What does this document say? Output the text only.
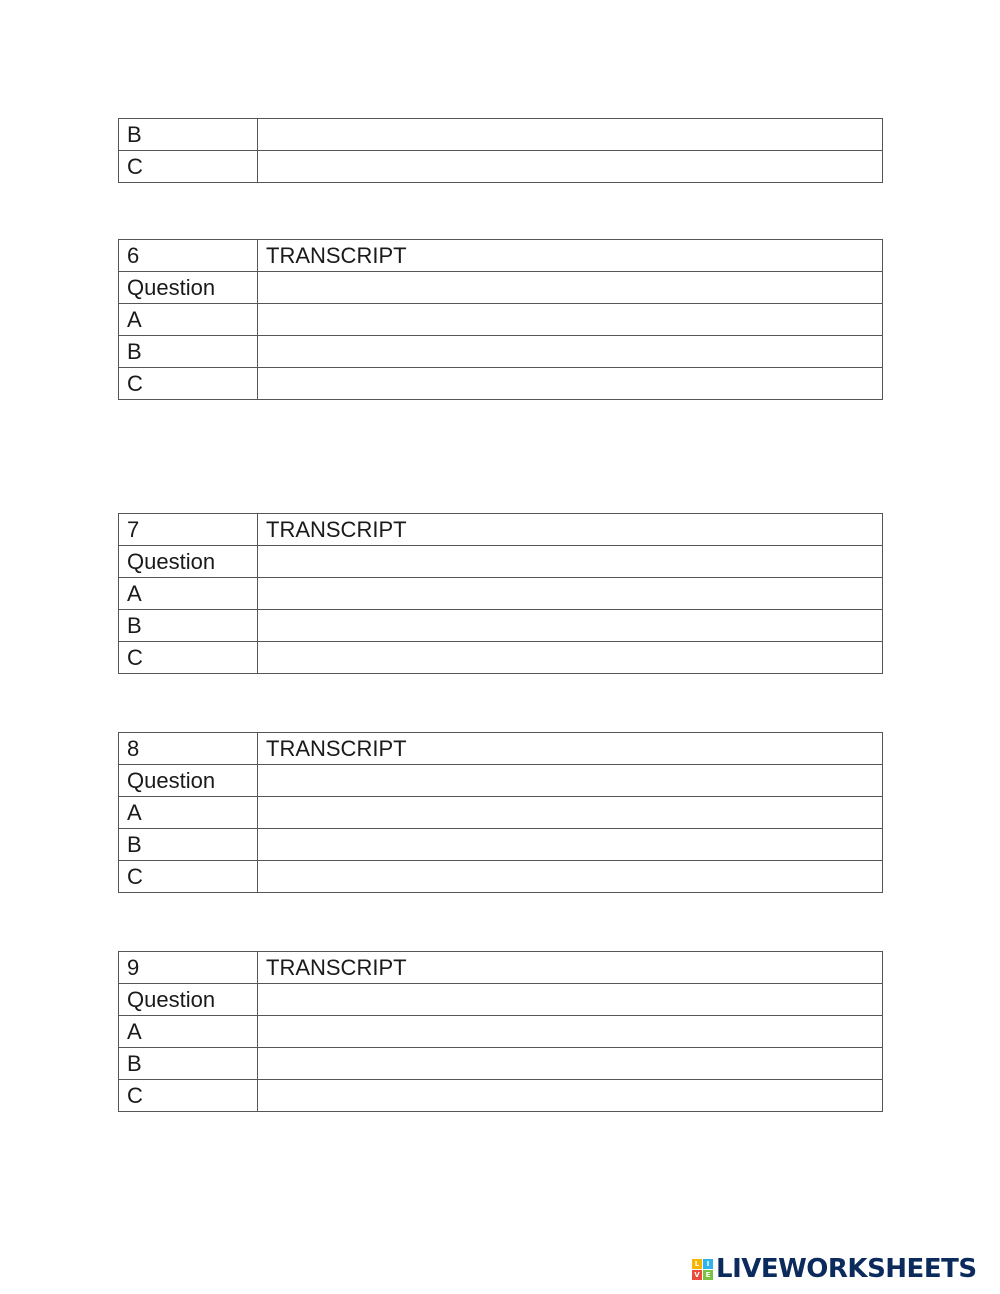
B	
C	
6	TRANSCRIPT
Question	
A	
B	
C	
7	TRANSCRIPT
Question	
A	
B	
C	
8	TRANSCRIPT
Question	
A	
B	
C	
9	TRANSCRIPT
Question	
A	
B	
C	
L	I
V E LIVEWORKSHEETS
